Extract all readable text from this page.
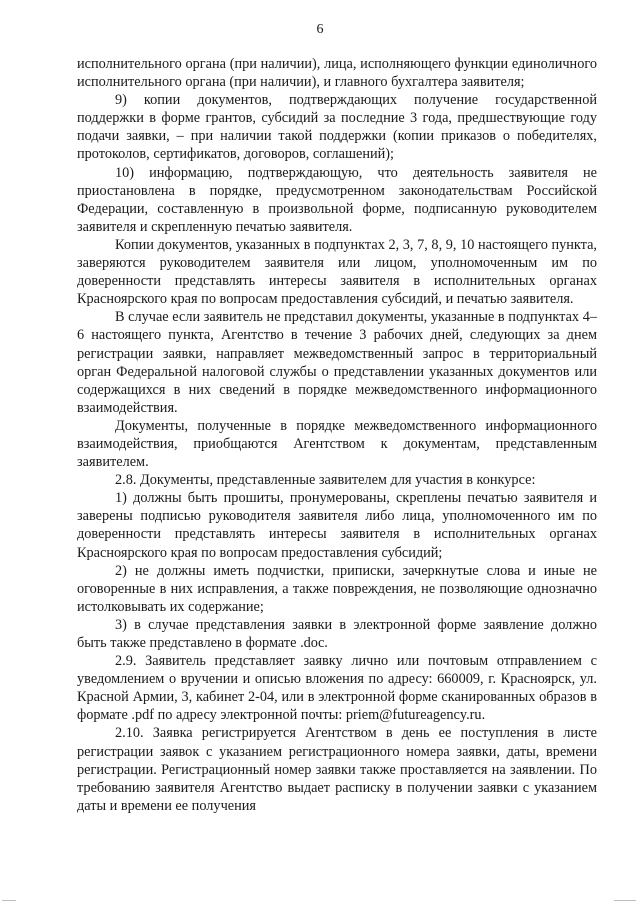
6

исполнительного органа (при наличии), лица, исполняющего функции единоличного исполнительного органа (при наличии), и главного бухгалтера заявителя;

9) копии документов, подтверждающих получение государственной поддержки в форме грантов, субсидий за последние 3 года, предшествующие году подачи заявки, – при наличии такой поддержки (копии приказов о победителях, протоколов, сертификатов, договоров, соглашений);

10) информацию, подтверждающую, что деятельность заявителя не приостановлена в порядке, предусмотренном законодательствам Российской Федерации, составленную в произвольной форме, подписанную руководителем заявителя и скрепленную печатью заявителя.

Копии документов, указанных в подпунктах 2, 3, 7, 8, 9, 10 настоящего пункта, заверяются руководителем заявителя или лицом, уполномоченным им по доверенности представлять интересы заявителя в исполнительных органах Красноярского края по вопросам предоставления субсидий, и печатью заявителя.

В случае если заявитель не представил документы, указанные в подпунктах 4–6 настоящего пункта, Агентство в течение 3 рабочих дней, следующих за днем регистрации заявки, направляет межведомственный запрос в территориальный орган Федеральной налоговой службы о представлении указанных документов или содержащихся в них сведений в порядке межведомственного информационного взаимодействия.

Документы, полученные в порядке межведомственного информационного взаимодействия, приобщаются Агентством к документам, представленным заявителем.

2.8. Документы, представленные заявителем для участия в конкурсе:

1) должны быть прошиты, пронумерованы, скреплены печатью заявителя и заверены подписью руководителя заявителя либо лица, уполномоченного им по доверенности представлять интересы заявителя в исполнительных органах Красноярского края по вопросам предоставления субсидий;

2) не должны иметь подчистки, приписки, зачеркнутые слова и иные не оговоренные в них исправления, а также повреждения, не позволяющие однозначно истолковывать их содержание;

3) в случае представления заявки в электронной форме заявление должно быть также представлено в формате .doc.

2.9. Заявитель представляет заявку лично или почтовым отправлением с уведомлением о вручении и описью вложения по адресу: 660009, г. Красноярск, ул. Красной Армии, 3, кабинет 2-04, или в электронной форме сканированных образов в формате .pdf по адресу электронной почты: priem@futureagency.ru.

2.10. Заявка регистрируется Агентством в день ее поступления в листе регистрации заявок с указанием регистрационного номера заявки, даты, времени регистрации. Регистрационный номер заявки также проставляется на заявлении. По требованию заявителя Агентство выдает расписку в получении заявки с указанием даты и времени ее получения
